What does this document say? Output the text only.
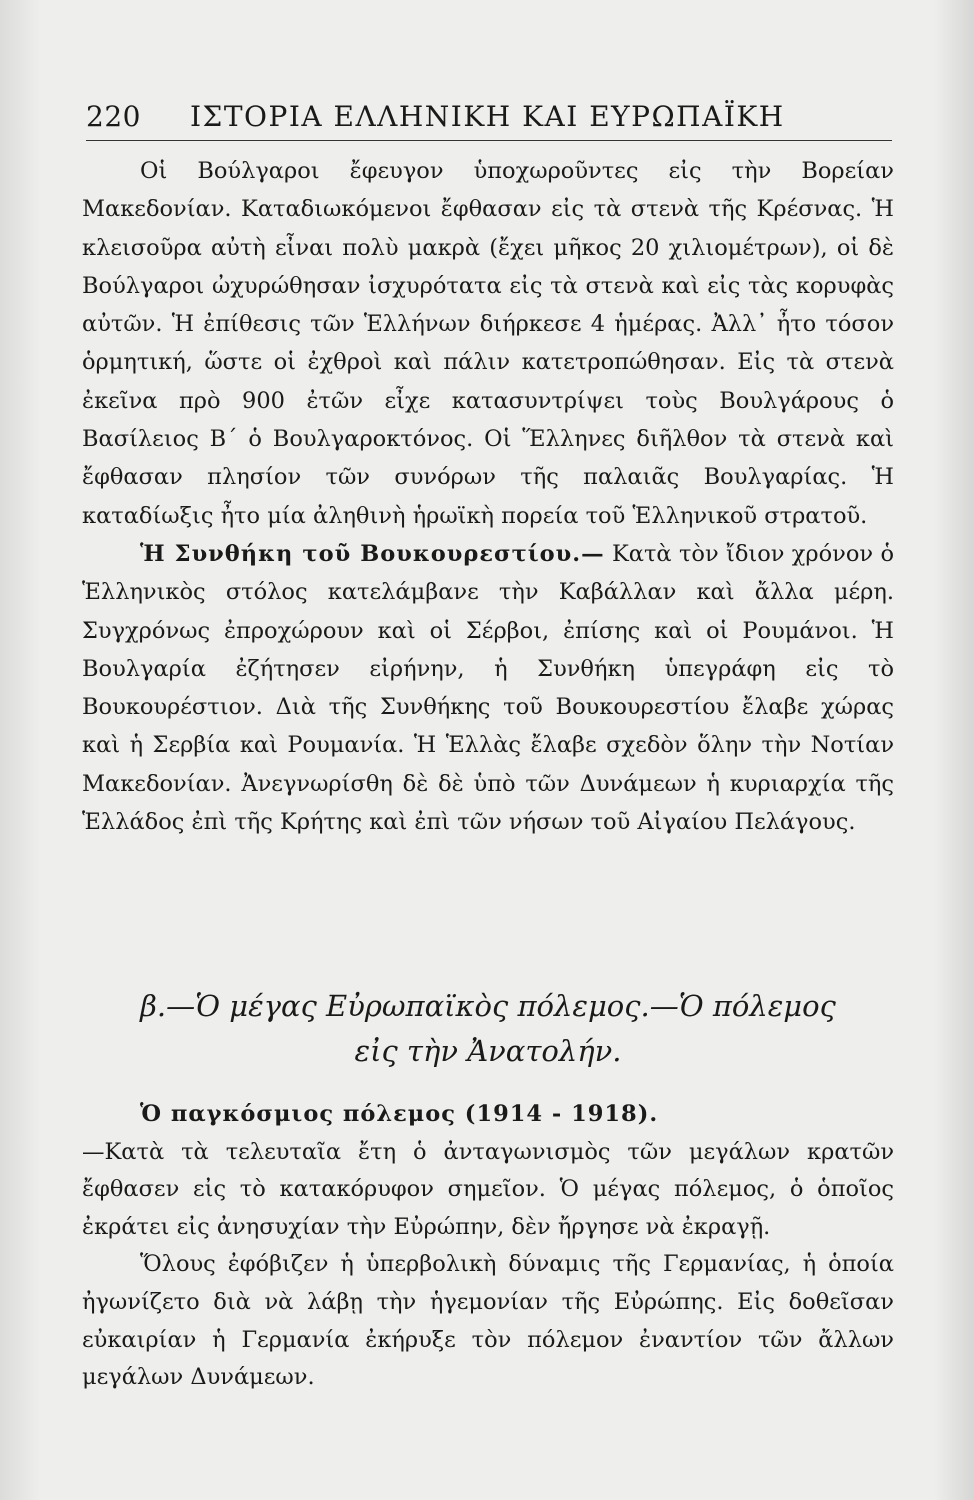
220 ΙΣΤΟΡΙΑ ΕΛΛΗΝΙΚΗ ΚΑΙ ΕΥΡΩΠΑΪΚΗ

Οἱ Βούλγαροι ἔφευγον ὑποχωροῦντες εἰς τὴν Βορείαν Μακεδονίαν. Καταδιωκόμενοι ἔφθασαν εἰς τὰ στενὰ τῆς Κρέσνας. Ἡ κλεισοῦρα αὐτὴ εἶναι πολὺ μακρὰ (ἔχει μῆκος 20 χιλιομέτρων), οἱ δὲ Βούλγαροι ὠχυρώθησαν ἰσχυρότατα εἰς τὰ στενὰ καὶ εἰς τὰς κορυφὰς αὐτῶν. Ἡ ἐπίθεσις τῶν Ἑλλήνων διήρκεσε 4 ἡμέρας. Ἀλλ᾽ ἦτο τόσον ὁρμητική, ὥστε οἱ ἐχθροὶ καὶ πάλιν κατετροπώθησαν. Εἰς τὰ στενὰ ἐκεῖνα πρὸ 900 ἐτῶν εἶχε κατασυντρίψει τοὺς Βουλγάρους ὁ Βασίλειος Β΄ ὁ Βουλγαροκτόνος. Οἱ Ἕλληνες διῆλθον τὰ στενὰ καὶ ἔφθασαν πλησίον τῶν συνόρων τῆς παλαιᾶς Βουλγαρίας. Ἡ καταδίωξις ἦτο μία ἀληθινὴ ἡρωϊκὴ πορεία τοῦ Ἑλληνικοῦ στρατοῦ.

Ἡ Συνθήκη τοῦ Βουκουρεστίου.— Κατὰ τὸν ἴδιον χρόνον ὁ Ἑλληνικὸς στόλος κατελάμβανε τὴν Καβάλλαν καὶ ἄλλα μέρη. Συγχρόνως ἐπροχώρουν καὶ οἱ Σέρβοι, ἐπίσης καὶ οἱ Ρουμάνοι. Ἡ Βουλγαρία ἐζήτησεν εἰρήνην, ἡ Συνθήκη ὑπεγράφη εἰς τὸ Βουκουρέστιον. Διὰ τῆς Συνθήκης τοῦ Βουκουρεστίου ἔλαβε χώρας καὶ ἡ Σερβία καὶ Ρουμανία. Ἡ Ἑλλὰς ἔλαβε σχεδὸν ὅλην τὴν Νοτίαν Μακεδονίαν. Ἀνεγνωρίσθη δὲ δὲ ὑπὸ τῶν Δυνάμεων ἡ κυριαρχία τῆς Ἑλλάδος ἐπὶ τῆς Κρήτης καὶ ἐπὶ τῶν νήσων τοῦ Αἰγαίου Πελάγους.

β.—Ὁ μέγας Εὐρωπαϊκὸς πόλεμος.—Ὁ πόλεμος
εἰς τὴν Ἀνατολήν.

Ὁ παγκόσμιος πόλεμος (1914 - 1918).
—Κατὰ τὰ τελευταῖα ἔτη ὁ ἀνταγωνισμὸς τῶν μεγάλων κρατῶν ἔφθασεν εἰς τὸ κατακόρυφον σημεῖον. Ὁ μέγας πόλεμος, ὁ ὁποῖος ἐκράτει εἰς ἀνησυχίαν τὴν Εὐρώπην, δὲν ἤργησε νὰ ἐκραγῇ.

Ὅλους ἐφόβιζεν ἡ ὑπερβολικὴ δύναμις τῆς Γερμανίας, ἡ ὁποία ἠγωνίζετο διὰ νὰ λάβῃ τὴν ἡγεμονίαν τῆς Εὐρώπης. Εἰς δοθεῖσαν εὐκαιρίαν ἡ Γερμανία ἐκήρυξε τὸν πόλεμον ἐναντίον τῶν ἄλλων μεγάλων Δυνάμεων.
